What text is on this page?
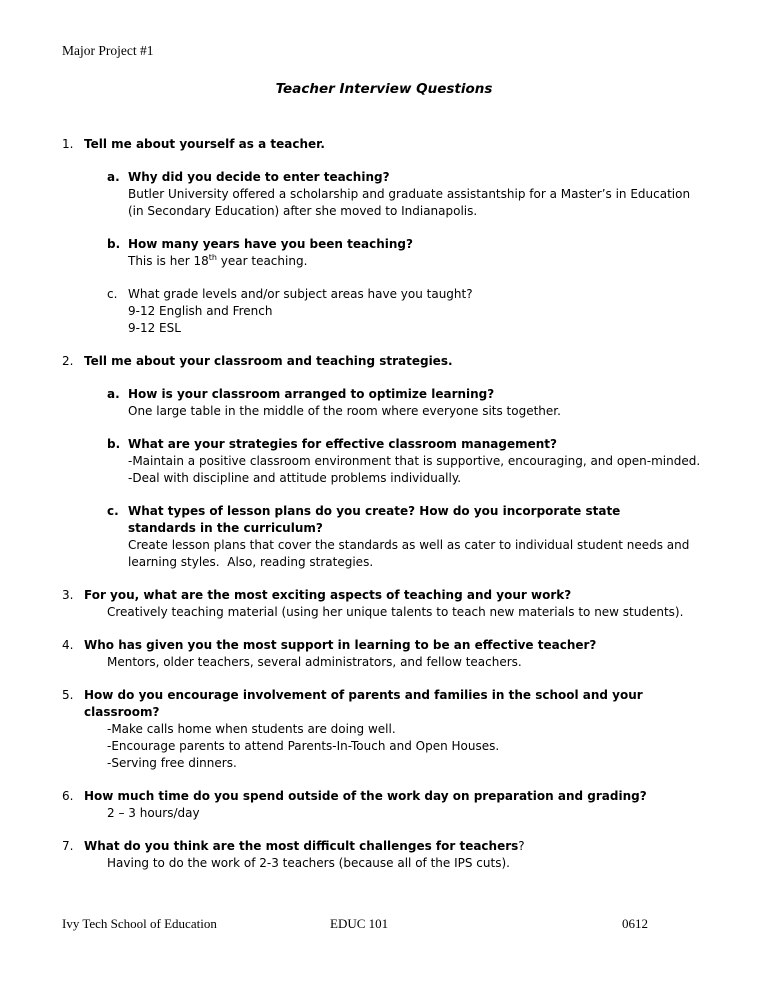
Major Project #1
Teacher Interview Questions
1. Tell me about yourself as a teacher.
a. Why did you decide to enter teaching?
Butler University offered a scholarship and graduate assistantship for a Master’s in Education
(in Secondary Education) after she moved to Indianapolis.
b. How many years have you been teaching?
This is her 18th year teaching.
c. What grade levels and/or subject areas have you taught?
9-12 English and French
9-12 ESL
2. Tell me about your classroom and teaching strategies.
a. How is your classroom arranged to optimize learning?
One large table in the middle of the room where everyone sits together.
b. What are your strategies for effective classroom management?
-Maintain a positive classroom environment that is supportive, encouraging, and open-minded.
-Deal with discipline and attitude problems individually.
c. What types of lesson plans do you create? How do you incorporate state
standards in the curriculum?
Create lesson plans that cover the standards as well as cater to individual student needs and
learning styles.  Also, reading strategies.
3. For you, what are the most exciting aspects of teaching and your work?
Creatively teaching material (using her unique talents to teach new materials to new students).
4. Who has given you the most support in learning to be an effective teacher?
Mentors, older teachers, several administrators, and fellow teachers.
5. How do you encourage involvement of parents and families in the school and your
classroom?
-Make calls home when students are doing well.
-Encourage parents to attend Parents-In-Touch and Open Houses.
-Serving free dinners.
6. How much time do you spend outside of the work day on preparation and grading?
2 – 3 hours/day
7. What do you think are the most difficult challenges for teachers?
Having to do the work of 2-3 teachers (because all of the IPS cuts).
Ivy Tech School of Education	EDUC 101	0612
